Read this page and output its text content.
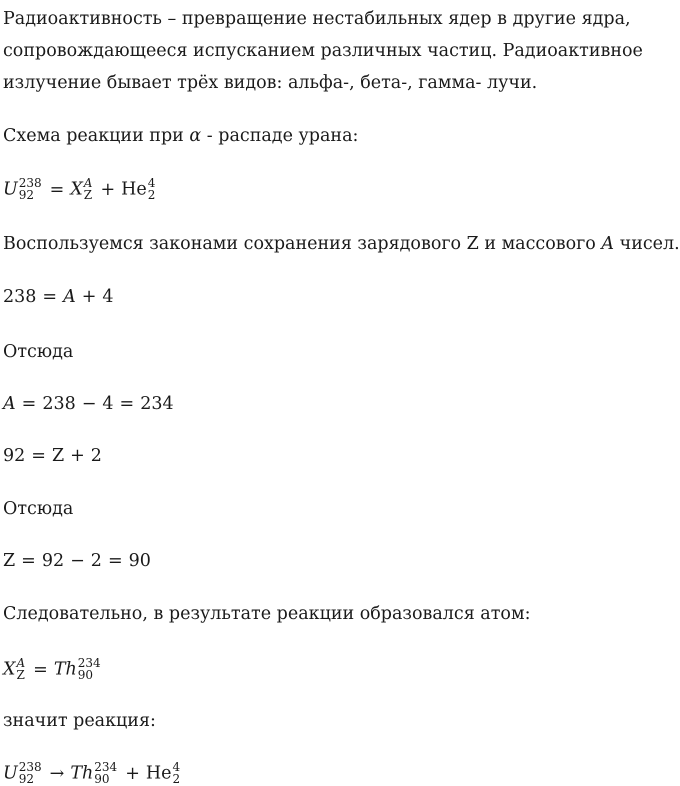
Радиоактивность – превращение нестабильных ядер в другие ядра,
сопровождающееся испусканием различных частиц. Радиоактивное
излучение бывает трёх видов: альфа-, бета-, гамма- лучи.
Схема реакции при α - распаде урана:
U 238
92 = X A
Z + He 4
2
Воспользуемся законами сохранения зарядового Z и массового A чисел.
238 = A + 4
Отсюда
A = 238 − 4 = 234
92 = Z + 2
Отсюда
Z = 92 − 2 = 90
Следовательно, в результате реакции образовался атом:
X A
Z = Th 234
90
значит реакция:
U 238
92 → Th 234
90 + He 4
2
